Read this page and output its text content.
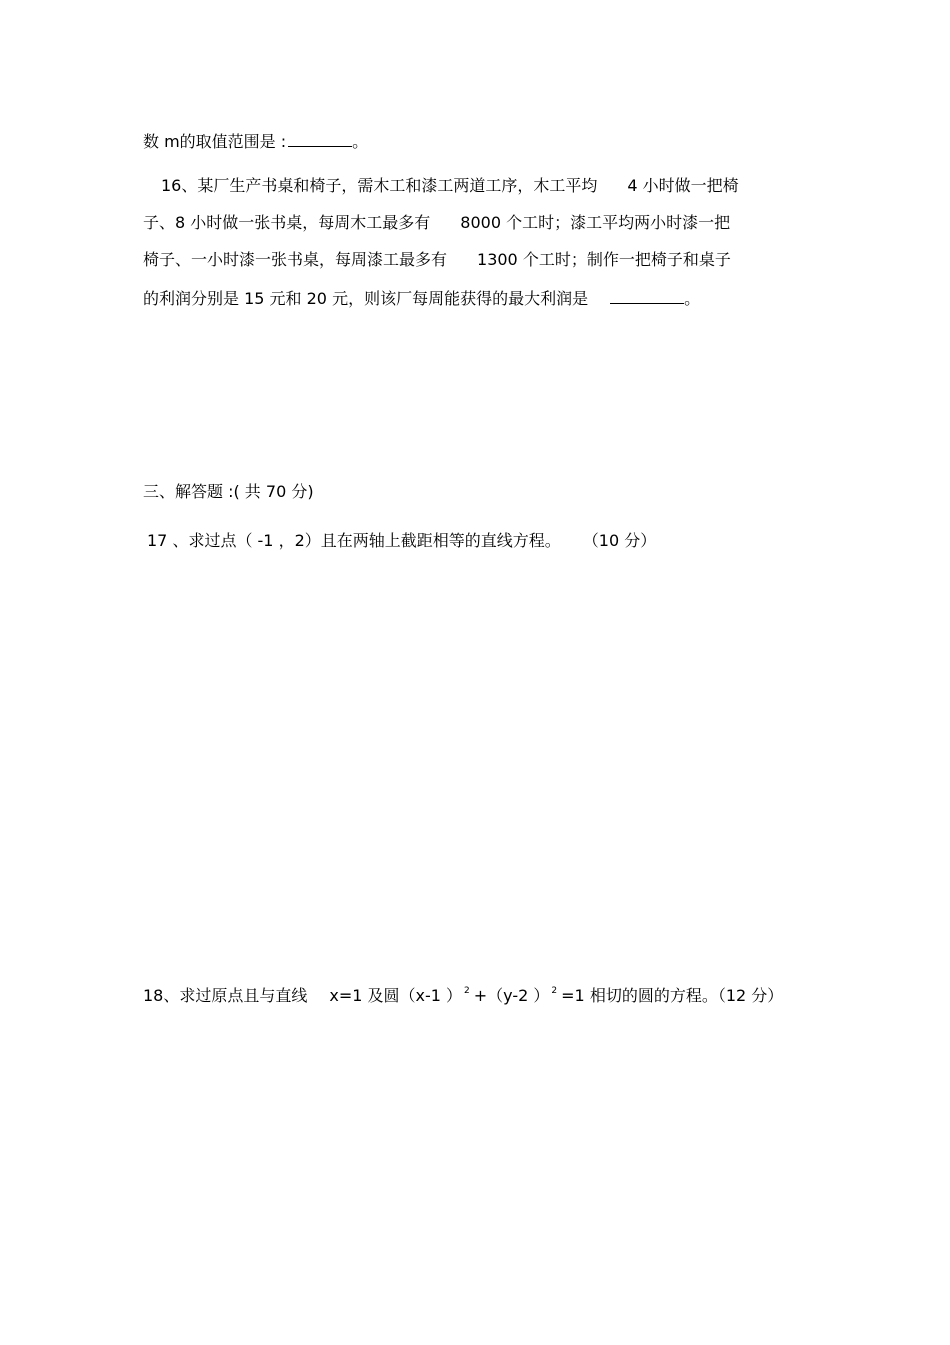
数 m的取值范围是 :	。
16、某厂生产书桌和椅子，需木工和漆工两道工序，木工平均 4 小时做一把椅
子、8 小时做一张书桌，每周木工最多有 8000 个工时；漆工平均两小时漆一把
椅子、一小时漆一张书桌，每周漆工最多有 1300 个工时；制作一把椅子和桌子
的利润分别是 15 元和 20 元，则该厂每周能获得的最大利润是	。
三、解答题 :( 共 70 分)
17 、求过点（ -1 ，2）且在两轴上截距相等的直线方程。 （10 分）
18、求过原点且与直线 x=1 及圆（x-1 ） $^2$ +（y-2 ） $^2$ =1 相切的圆的方程。（12 分）
